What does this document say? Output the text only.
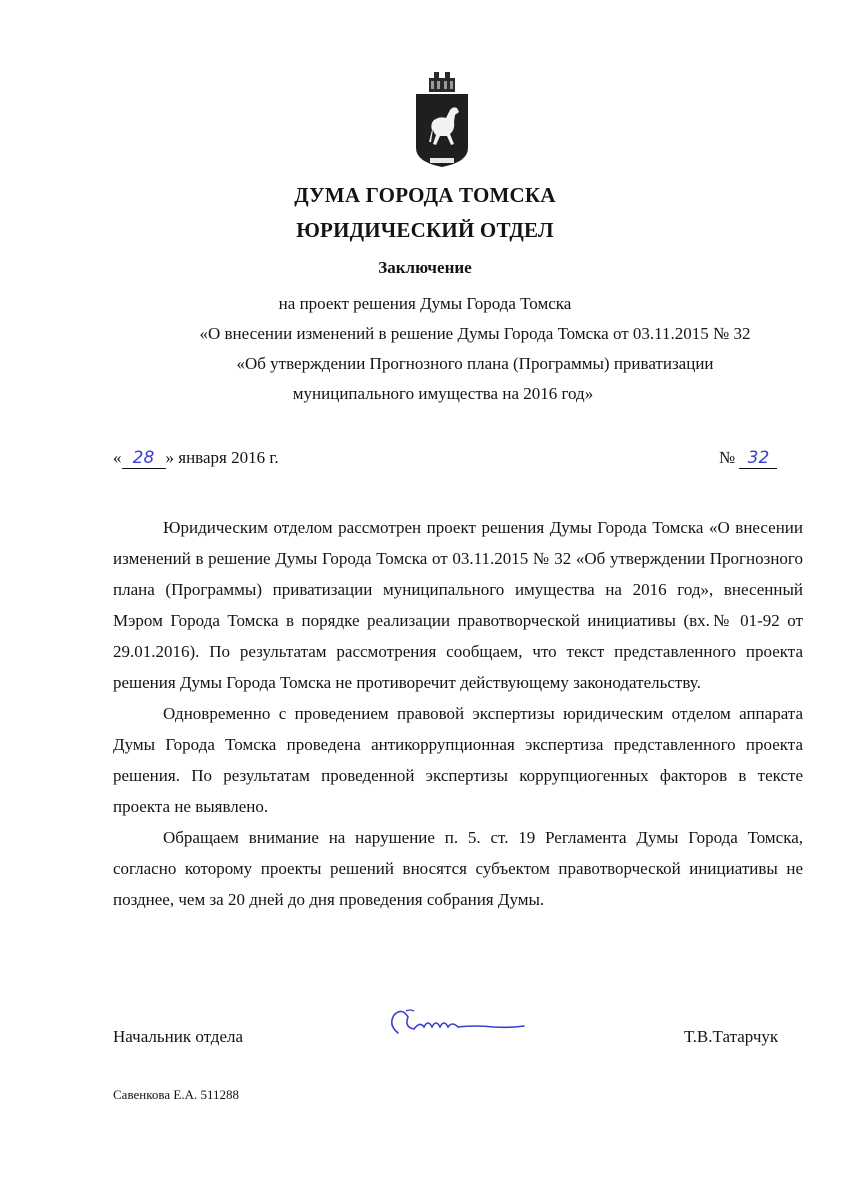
ДУМА ГОРОДА ТОМСКА
ЮРИДИЧЕСКИЙ ОТДЕЛ
Заключение
на проект решения Думы Города Томска
«О внесении изменений в решение Думы Города Томска от 03.11.2015 № 32
«Об утверждении Прогнозного плана (Программы) приватизации
муниципального имущества на 2016 год»
« 28 » января 2016 г.	№ 32

Юридическим отделом рассмотрен проект решения Думы Города Томска «О внесении изменений в решение Думы Города Томска от 03.11.2015 № 32 «Об утверждении Прогнозного плана (Программы) приватизации муниципального имущества на 2016 год», внесенный Мэром Города Томска в порядке реализации правотворческой инициативы (вх.№ 01-92 от 29.01.2016). По результатам рассмотрения сообщаем, что текст представленного проекта решения Думы Города Томска не противоречит действующему законодательству.

Одновременно с проведением правовой экспертизы юридическим отделом аппарата Думы Города Томска проведена антикоррупционная экспертиза представленного проекта решения. По результатам проведенной экспертизы коррупциогенных факторов в тексте проекта не выявлено.

Обращаем внимание на нарушение п. 5. ст. 19 Регламента Думы Города Томска, согласно которому проекты решений вносятся субъектом правотворческой инициативы не позднее, чем за 20 дней до дня проведения собрания Думы.

Начальник отдела	Т.В.Татарчук
Савенкова Е.А. 511288
